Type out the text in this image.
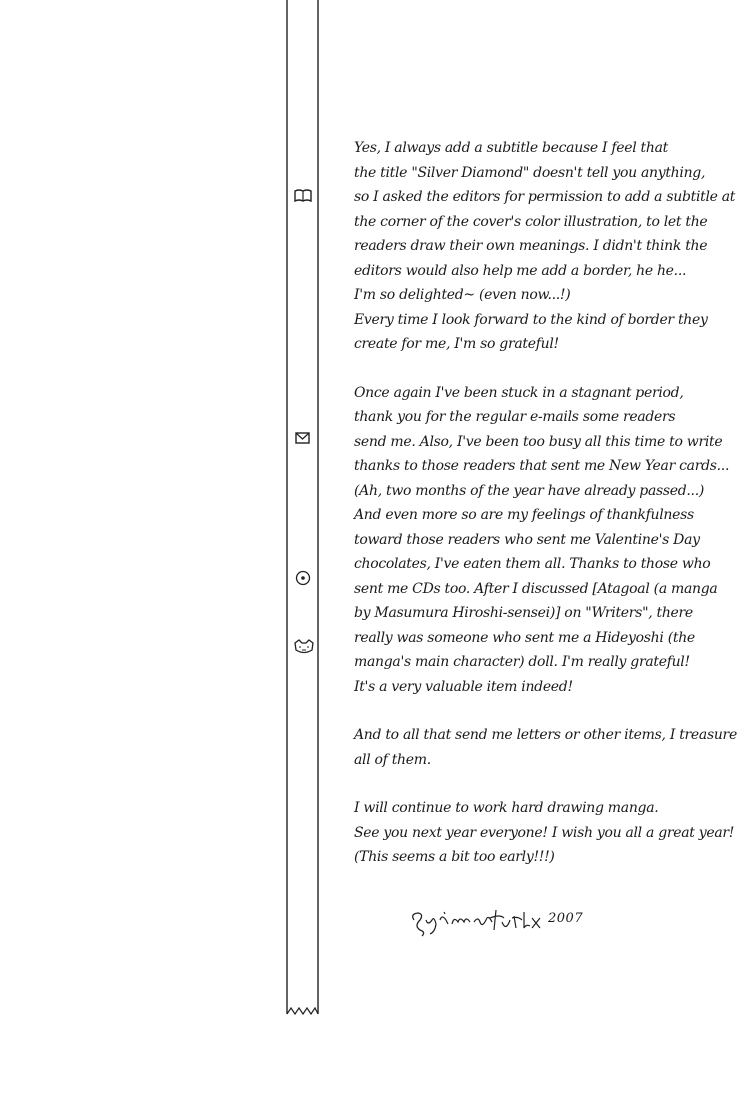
Yes, I always add a subtitle because I feel that
the title "Silver Diamond" doesn't tell you anything,
so I asked the editors for permission to add a subtitle at
the corner of the cover's color illustration, to let the
readers draw their own meanings. I didn't think the
editors would also help me add a border, he he...
I'm so delighted~ (even now...!)
Every time I look forward to the kind of border they
create for me, I'm so grateful!

Once again I've been stuck in a stagnant period,
thank you for the regular e-mails some readers
send me. Also, I've been too busy all this time to write
thanks to those readers that sent me New Year cards...
(Ah, two months of the year have already passed...)
And even more so are my feelings of thankfulness
toward those readers who sent me Valentine's Day
chocolates, I've eaten them all. Thanks to those who
sent me CDs too. After I discussed [Atagoal (a manga
by Masumura Hiroshi-sensei)] on "Writers", there
really was someone who sent me a Hideyoshi (the
manga's main character) doll. I'm really grateful!
It's a very valuable item indeed!

And to all that send me letters or other items, I treasure
all of them.

I will continue to work hard drawing manga.
See you next year everyone! I wish you all a great year!
(This seems a bit too early!!!)

2007
